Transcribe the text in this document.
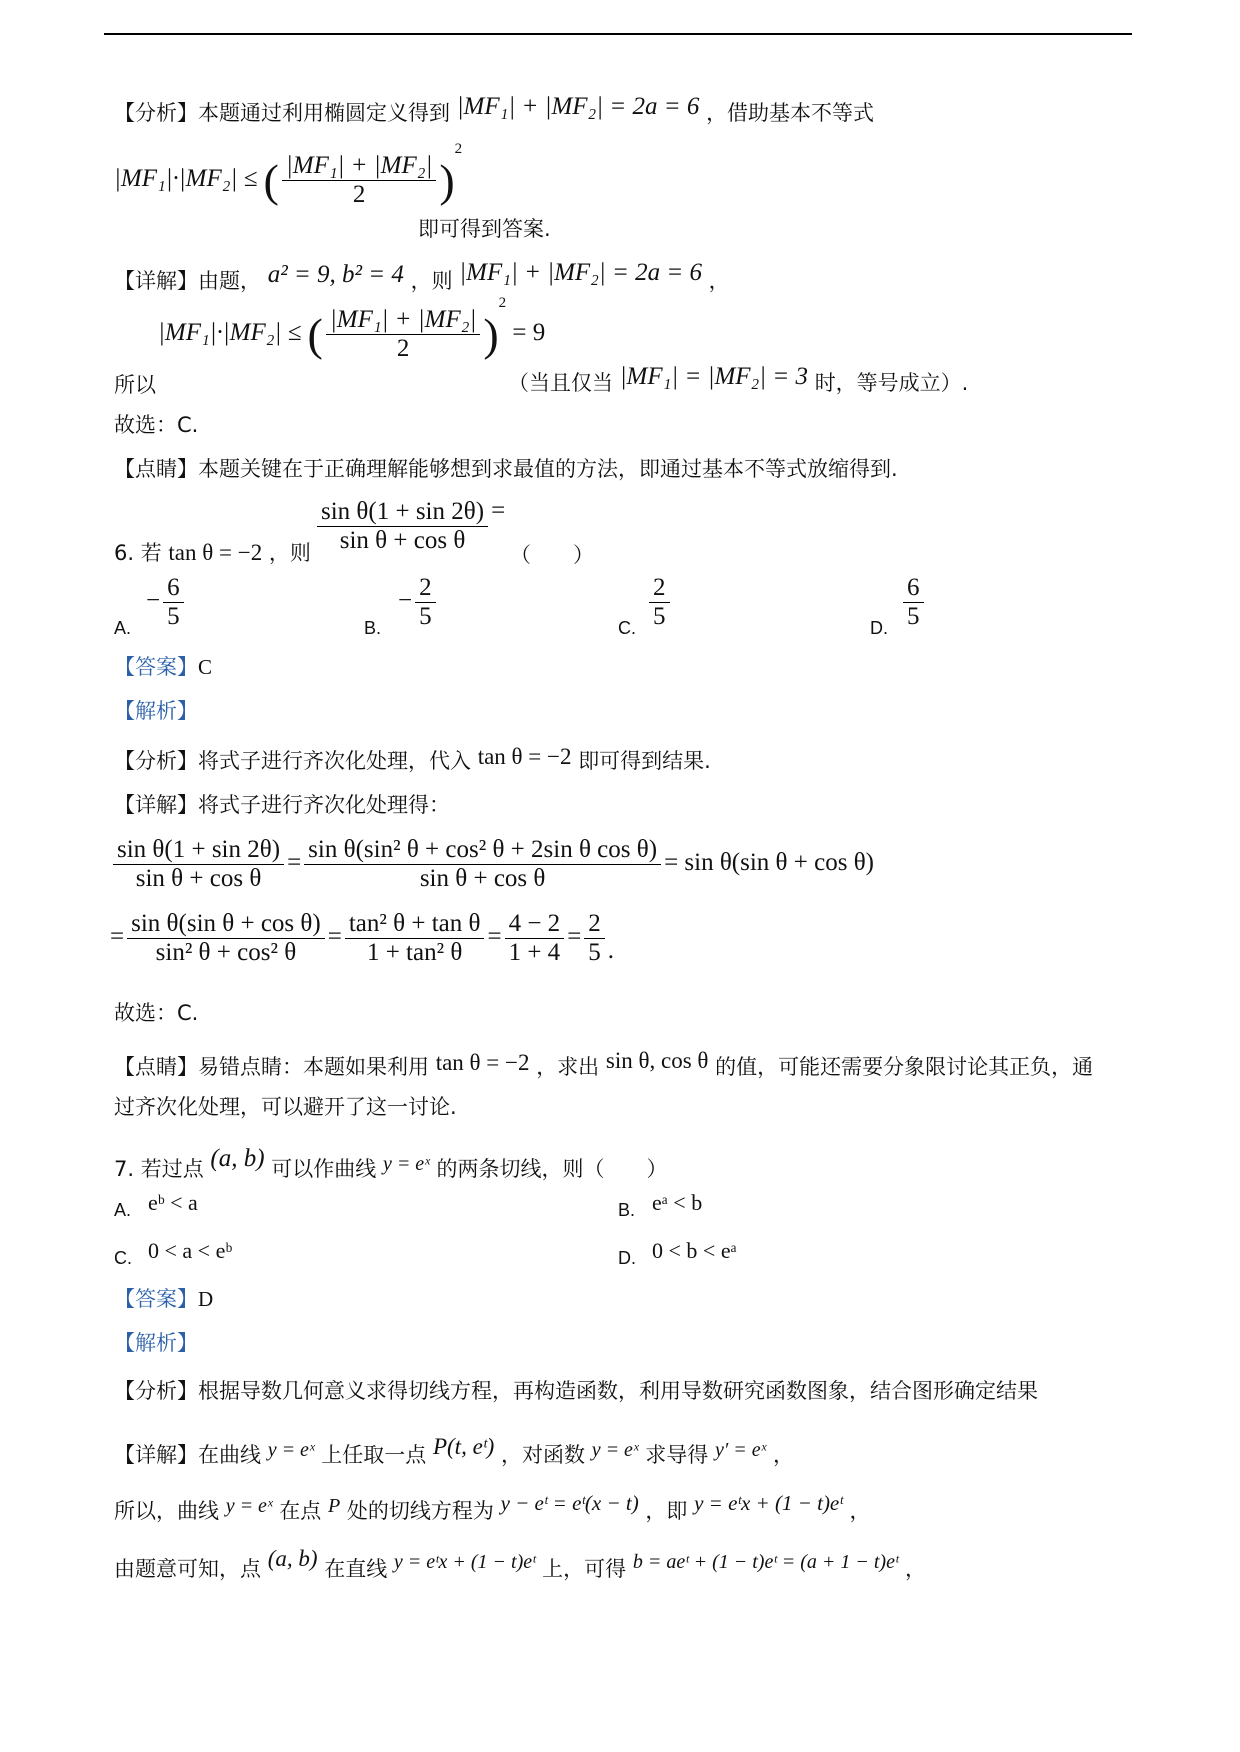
【分析】本题通过利用椭圆定义得到 |MF₁| + |MF₂| = 2a = 6 ，借助基本不等式
|MF₁|·|MF₂| ≤ ( $\frac{\text{|MF₁| + |MF₂|}}{2} )^2$
即可得到答案.
【详解】由题， a² = 9, b² = 4 ，则 |MF₁| + |MF₂| = 2a = 6 ，
|MF₁|·|MF₂| ≤ ( $\frac{\text{|MF₁| + |MF₂|}}{2} )^2 = 9$
所以	（当且仅当 |MF₁| = |MF₂| = 3 时，等号成立）.
故选：C.
【点睛】本题关键在于正确理解能够想到求最值的方法，即通过基本不等式放缩得到.
6. 若 tan θ = −2 ，则 $\frac{\text{sin θ(1 + sin 2θ)}}{\text{sin θ + cos θ}}$ =
（　　）
A.
− $\frac{6}{5}$	B.
− $\frac{2}{5}$	C. $\frac{2}{5}$	D. $\frac{6}{5}$
【答案】C
【解析】
【分析】将式子进行齐次化处理，代入 tan θ = −2 即可得到结果.
【详解】将式子进行齐次化处理得：
$\frac{\text{sin θ(1 + sin 2θ)}}{\text{sin θ + cos θ}} = \frac{\text{sin θ(sin² θ + cos² θ + 2sin θ cos θ)}}{\text{sin θ + cos θ}} = \sin \theta(\sin$ θ + cos θ)
= $\frac{\text{sin θ(sin θ + cos θ)}}{\text{sin² θ + cos² θ}} = \frac{\text{tan² θ + tan θ}}{\text{1 + tan² θ}} = \frac{4 - 2}{1 + 4} = \frac{2}{5}$ .
故选：C.
【点睛】易错点睛：本题如果利用 tan θ = −2 ，求出 sin θ, cos θ 的值，可能还需要分象限讨论其正负，通
过齐次化处理，可以避开了这一讨论.
7. 若过点 (a, b) 可以作曲线 y = eˣ 的两条切线，则（　　）
A. eᵇ < a	B. eᵃ < b
C. 0 < a < eᵇ	D. 0 < b < eᵃ
【答案】D
【解析】
【分析】根据导数几何意义求得切线方程，再构造函数，利用导数研究函数图象，结合图形确定结果
【详解】在曲线 y = eˣ 上任取一点 P(t, eᵗ) ，对函数 y = eˣ 求导得 y′ = eˣ ，
所以，曲线 y = eˣ 在点 P 处的切线方程为 y − eᵗ = eᵗ(x − t) ，即 y = eᵗx + (1 − t)eᵗ ，
由题意可知，点 (a, b) 在直线 y = eᵗx + (1 − t)eᵗ 上，可得 b = aeᵗ + (1 − t)eᵗ = (a + 1 − t)eᵗ ，
